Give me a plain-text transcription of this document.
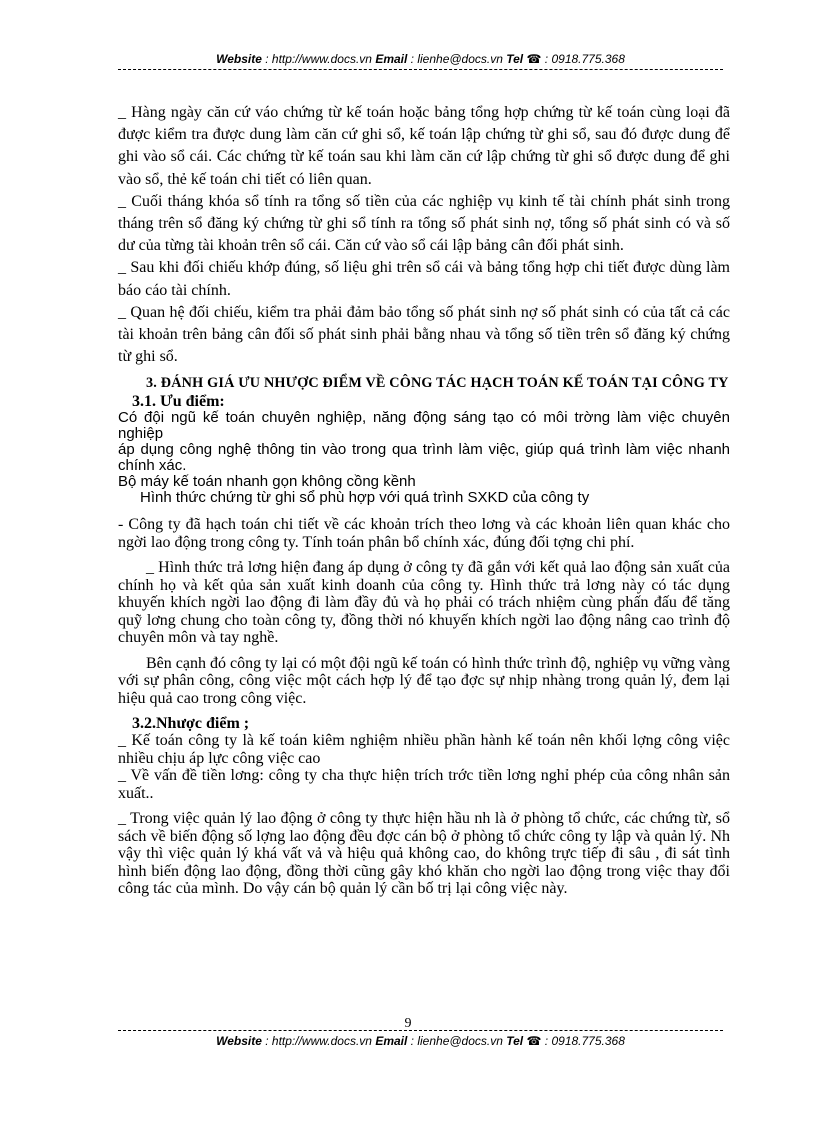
Website : http://www.docs.vn Email : lienhe@docs.vn Tel ☎ : 0918.775.368

_ Hàng ngày căn cứ váo chứng từ kế toán hoặc bảng tổng hợp chứng từ kế toán cùng loại đã được kiểm tra được dung làm căn cứ ghi sổ, kế toán lập chứng từ ghi sổ, sau đó được dung để ghi vào sổ cái. Các chứng từ kế toán sau khi làm căn cứ lập chứng từ ghi sổ được dung để ghi vào sổ, thẻ kế toán chi tiết có liên quan.

_ Cuối tháng khóa sổ tính ra tổng số tiền của các nghiệp vụ kinh tế tài chính phát sinh trong tháng trên sổ đăng ký chứng từ ghi sổ tính ra tổng số phát sinh nợ, tổng số phát sinh có và số dư của từng tài khoản trên sổ cái. Căn cứ vào sổ cái lập bảng cân đối phát sinh.

_ Sau khi đối chiếu khớp đúng, số liệu ghi trên sổ cái và bảng tổng hợp chi tiết được dùng làm báo cáo tài chính.

_ Quan hệ đối chiếu, kiểm tra phải đảm bảo tổng số phát sinh nợ số phát sinh có của tất cả các tài khoản trên bảng cân đối số phát sinh phải bằng nhau và tổng số tiền trên sổ đăng ký chứng từ ghi sổ.

3. ĐÁNH GIÁ ƯU NHƯỢC ĐIỂM VỀ CÔNG TÁC HẠCH TOÁN KẾ TOÁN TẠI CÔNG TY

3.1. Ưu điểm:

Có đội ngũ kế toán chuyên nghiệp, năng động sáng tạo có môi trờng làm việc chuyên nghiệp

áp dụng công nghệ thông tin vào trong qua trình làm việc, giúp quá trình làm việc nhanh chính xác.

Bộ máy kế toán nhanh gọn không cồng kềnh

Hình thức chứng từ ghi sổ phù hợp với quá trình SXKD của công ty

- Công ty đã hạch toán chi tiết về các khoản trích theo lơng và các khoản liên quan khác cho ngời lao động trong công ty. Tính toán phân bổ chính xác, đúng đối tợng chi phí.

_ Hình thức trả lơng hiện đang áp dụng ở công ty đã gắn với kết quả lao động sản xuất của chính họ và kết qủa sản xuất kinh doanh của công ty. Hình thức trả lơng này có tác dụng khuyến khích ngời lao động đi làm đầy đủ và họ phải có trách nhiệm cùng phấn đấu để tăng quỹ lơng chung cho toàn công ty, đồng thời nó khuyến khích ngời lao động nâng cao trình độ chuyên môn và tay nghề.

Bên cạnh đó công ty lại có một đội ngũ kế toán có hình thức trình độ, nghiệp vụ vững vàng với sự phân công, công việc một cách hợp lý để tạo đợc sự nhịp nhàng trong quản lý, đem lại hiệu quả cao trong công việc.

3.2.Nhược điểm ;

_ Kế toán công ty là kế toán kiêm nghiệm nhiều phần hành kế toán nên khối lợng công việc nhiều chịu áp lực công việc cao

_ Về vấn đề tiền lơng: công ty cha thực hiện trích trớc tiền lơng nghỉ phép của công nhân sản xuất..

_ Trong việc quản lý lao động ở công ty thực hiện hầu nh là ở phòng tổ chức, các chứng từ, sổ sách về biến động số lợng lao động đều đợc cán bộ ở phòng tổ chức công ty lập và quản lý. Nh vậy thì việc quản lý khá vất vả và hiệu quả không cao, do không trực tiếp đi sâu , đi sát tình hình biến động lao động, đồng thời cũng gây khó khăn cho ngời lao động trong việc thay đổi công tác của mình. Do vậy cán bộ quản lý cần bố trị lại công việc này.

9
Website : http://www.docs.vn Email : lienhe@docs.vn Tel ☎ : 0918.775.368
